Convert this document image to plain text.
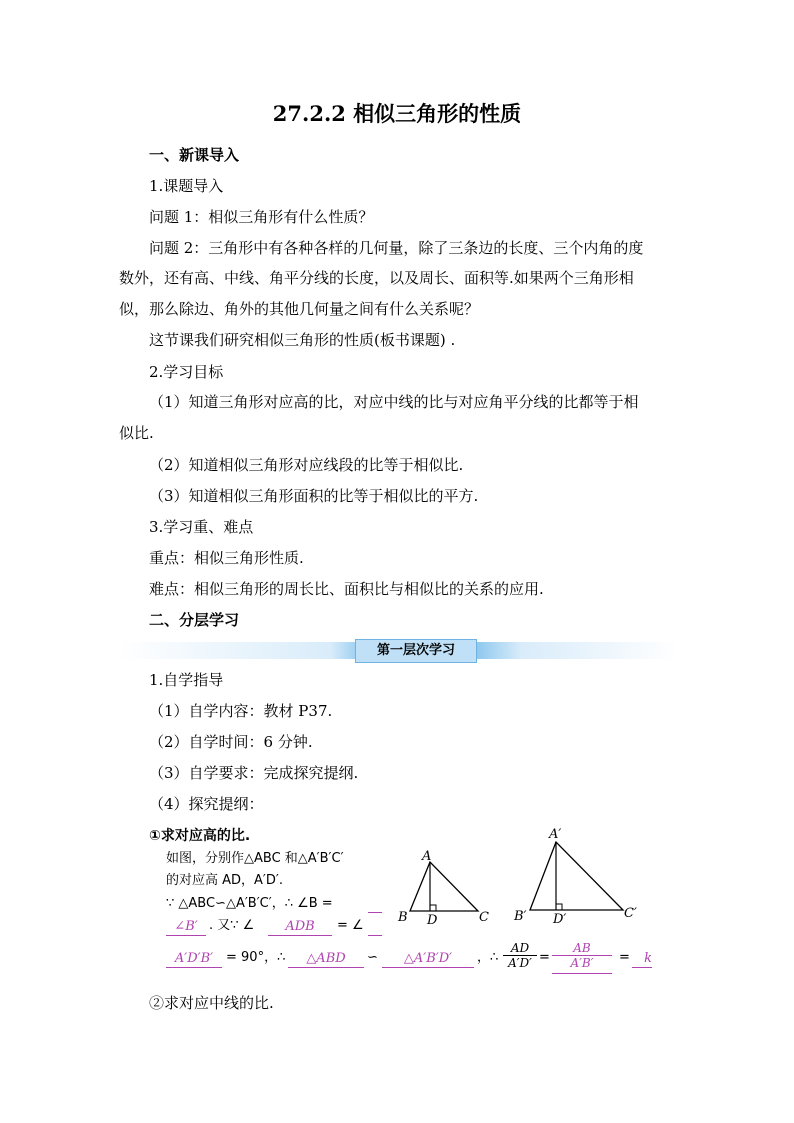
27.2.2 相似三角形的性质
一、新课导入
1.课题导入
问题 1：相似三角形有什么性质？
问题 2：三角形中有各种各样的几何量，除了三条边的长度、三个内角的度
数外，还有高、中线、角平分线的长度，以及周长、面积等.如果两个三角形相
似，那么除边、角外的其他几何量之间有什么关系呢？
这节课我们研究相似三角形的性质(板书课题) .
2.学习目标
（1）知道三角形对应高的比，对应中线的比与对应角平分线的比都等于相
似比.
（2）知道相似三角形对应线段的比等于相似比.
（3）知道相似三角形面积的比等于相似比的平方.
3.学习重、难点
重点：相似三角形性质.
难点：相似三角形的周长比、面积比与相似比的关系的应用.
二、分层学习
第一层次学习
1.自学指导
（1）自学内容：教材 P37.
（2）自学时间：6 分钟.
（3）自学要求：完成探究提纲.
（4）探究提纲：
①求对应高的比.
如图，分别作△ABC 和△A′B′C′
的对应高 AD，A′D′.
∵ △ABC∽△A′B′C′，∴ ∠B =
∠B′ . 又∵ ∠	ADB	= ∠
A′D′B′ = 90°，∴	△ABD	∽	△A′B′D′	，∴ $\frac{AD}{A'D'} = \frac{AB}{A'B'}$ =	k
A
B D	C
A′
B′ D′	C′
②求对应中线的比.
